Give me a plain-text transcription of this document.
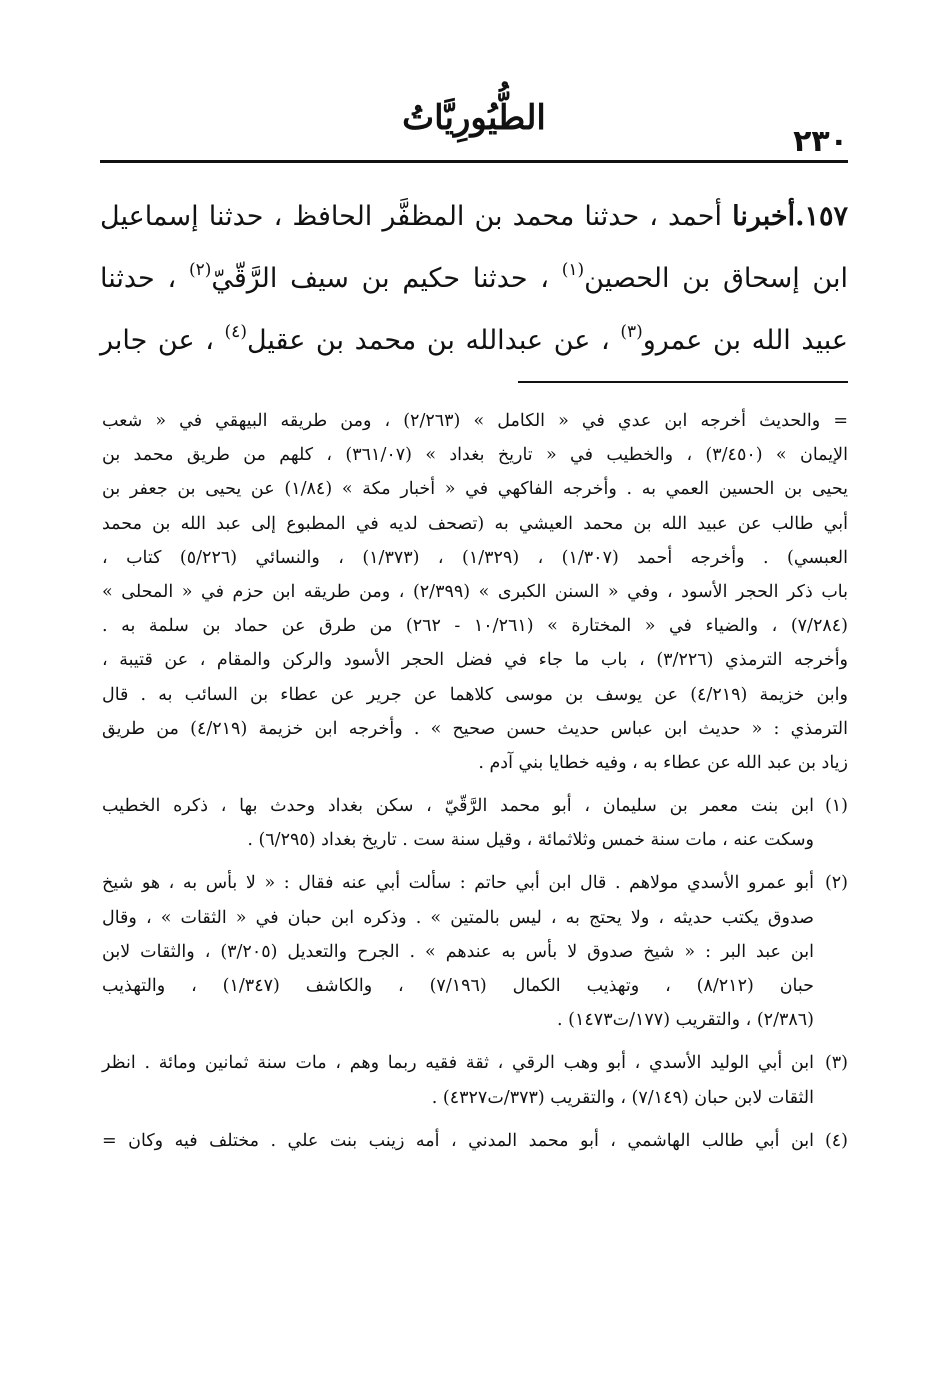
٢٣٠
الطُّيُورِيَّاتُ
١٥٧.أخبرنا أحمد ، حدثنا محمد بن المظفَّر الحافظ ، حدثنا إسماعيل
ابن إسحاق بن الحصين$^{(١)}$ ، حدثنا حكيم بن سيف الرَّقّيّ$^{(٢)}$ ، حدثنا
عبيد الله بن عمرو$^{(٣)}$ ، عن عبدالله بن محمد بن عقيل$^{(٤)}$ ، عن جابر
= والحديث أخرجه ابن عدي في « الكامل » (٢/٢٦٣) ، ومن طريقه البيهقي في « شعب
الإيمان » (٣/٤٥٠) ، والخطيب في « تاريخ بغداد » (٣٦١/٠٧) ، كلهم من طريق محمد بن
يحيى بن الحسين العمي به . وأخرجه الفاكهي في « أخبار مكة » (١/٨٤) عن يحيى بن جعفر بن
أبي طالب عن عبيد الله بن محمد العيشي به (تصحف لديه في المطبوع إلى عبد الله بن محمد
العبسي) . وأخرجه أحمد (١/٣٠٧) ، (١/٣٢٩) ، (١/٣٧٣) ، والنسائي (٥/٢٢٦) كتاب ،
باب ذكر الحجر الأسود ، وفي « السنن الكبرى » (٢/٣٩٩) ، ومن طريقه ابن حزم في « المحلى »
(٧/٢٨٤) ، والضياء في « المختارة » (١٠/٢٦١ - ٢٦٢) من طرق عن حماد بن سلمة به .
وأخرجه الترمذي (٣/٢٢٦) ، باب ما جاء في فضل الحجر الأسود والركن والمقام ، عن قتيبة ،
وابن خزيمة (٤/٢١٩) عن يوسف بن موسى كلاهما عن جرير عن عطاء بن السائب به . قال
الترمذي : « حديث ابن عباس حديث حسن صحيح » . وأخرجه ابن خزيمة (٤/٢١٩) من طريق
زياد بن عبد الله عن عطاء به ، وفيه خطايا بني آدم .
(١)
ابن بنت معمر بن سليمان ، أبو محمد الرَّقّيّ ، سكن بغداد وحدث بها ، ذكره الخطيب
وسكت عنه ، مات سنة خمس وثلاثمائة ، وقيل سنة ست . تاريخ بغداد (٦/٢٩٥) .
(٢)
أبو عمرو الأسدي مولاهم . قال ابن أبي حاتم : سألت أبي عنه فقال : « لا بأس به ، هو شيخ
صدوق يكتب حديثه ، ولا يحتج به ، ليس بالمتين » . وذكره ابن حبان في « الثقات » ، وقال
ابن عبد البر : « شيخ صدوق لا بأس به عندهم » . الجرح والتعديل (٣/٢٠٥) ، والثقات لابن
حبان (٨/٢١٢) ، وتهذيب الكمال (٧/١٩٦) ، والكاشف (١/٣٤٧) ، والتهذيب
(٢/٣٨٦) ، والتقريب (١٧٧/ت١٤٧٣) .
(٣)
ابن أبي الوليد الأسدي ، أبو وهب الرقي ، ثقة فقيه ربما وهم ، مات سنة ثمانين ومائة . انظر
الثقات لابن حبان (٧/١٤٩) ، والتقريب (٣٧٣/ت٤٣٢٧) .
(٤)
ابن أبي طالب الهاشمي ، أبو محمد المدني ، أمه زينب بنت علي . مختلف فيه وكان =
